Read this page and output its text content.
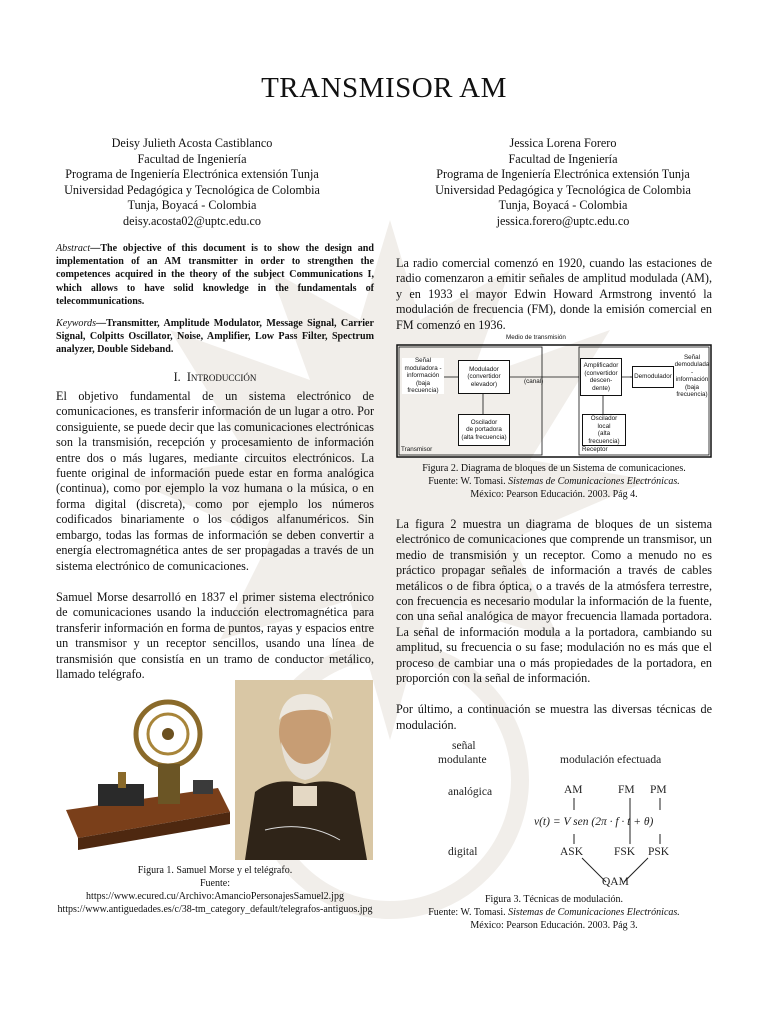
TRANSMISOR AM
Deisy Julieth Acosta Castiblanco
Facultad de Ingeniería
Programa de Ingeniería Electrónica extensión Tunja
Universidad Pedagógica y Tecnológica de Colombia
Tunja, Boyacá - Colombia
deisy.acosta02@uptc.edu.co
Jessica Lorena Forero
Facultad de Ingeniería
Programa de Ingeniería Electrónica extensión Tunja
Universidad Pedagógica y Tecnológica de Colombia
Tunja, Boyacá - Colombia
jessica.forero@uptc.edu.co

Abstract—The objective of this document is to show the design and implementation of an AM transmitter in order to strengthen the competences acquired in the theory of the subject Communications I, which allows to have solid knowledge in the fundamentals of telecommunications.

Keywords—Transmitter, Amplitude Modulator, Message Signal, Carrier Signal, Colpitts Oscillator, Noise, Amplifier, Low Pass Filter, Spectrum analyzer, Double Sideband.

I. Introducción

El objetivo fundamental de un sistema electrónico de comunicaciones, es transferir información de un lugar a otro. Por consiguiente, se puede decir que las comunicaciones electrónicas son la transmisión, recepción y procesamiento de información entre dos o más lugares, mediante circuitos electrónicos. La fuente original de información puede estar en forma analógica (continua), como por ejemplo la voz humana o la música, o en forma digital (discreta), como por ejemplo los números codificados binariamente o los códigos alfanuméricos. Sin embargo, todas las formas de información se deben convertir a energía electromagnética antes de ser propagadas a través de un sistema electrónico de comunicaciones.

Samuel Morse desarrolló en 1837 el primer sistema electrónico de comunicaciones usando la inducción electromagnética para transferir información en forma de puntos, rayas y espacios entre un transmisor y un receptor sencillos, usando una línea de transmisión que consistía en un tramo de conductor metálico, llamado telégrafo.

Figura 1. Samuel Morse y el telégrafo.
Fuente:
https://www.ecured.cu/Archivo:AmancioPersonajesSamuel2.jpg
https://www.antiguedades.es/c/38-tm_category_default/telegrafos-antiguos.jpg

La radio comercial comenzó en 1920, cuando las estaciones de radio comenzaron a emitir señales de amplitud modulada (AM), y en 1933 el mayor Edwin Howard Armstrong inventó la modulación de frecuencia (FM), donde la emisión comercial en FM comenzó en 1936.

Medio de transmisión
Señal
moduladora -
información
(baja frecuencia)
Modulador
(convertidor
elevador)	(canal)
Oscilador
de portadora
(alta frecuencia)
Transmisor
Amplificador
(convertidor
descen-
dente)
Demodulador
Señal
demodulada -
información
(baja frecuencia)
Oscilador
local
(alta frecuencia)
Receptor
Figura 2. Diagrama de bloques de un Sistema de comunicaciones.
Fuente: W. Tomasi. Sistemas de Comunicaciones Electrónicas.
México: Pearson Educación. 2003. Pág 4.

La figura 2 muestra un diagrama de bloques de un sistema electrónico de comunicaciones que comprende un transmisor, un medio de transmisión y un receptor. Como a menudo no es práctico propagar señales de información a través de cables metálicos o de fibra óptica, o a través de la atmósfera terrestre, con frecuencia es necesario modular la información de la fuente, con una señal analógica de mayor frecuencia llamada portadora. La señal de información modula a la portadora, cambiando su amplitud, su frecuencia o su fase; modulación no es más que el proceso de cambiar una o más propiedades de la portadora, en proporción con la señal de información.

Por último, a continuación se muestra las diversas técnicas de modulación.

señal
modulante	modulación efectuada
analógica	AM	FM PM
v(t) = V sen (2π · f · t + θ)
digital	ASK	FSK PSK
QAM
Figura 3. Técnicas de modulación.
Fuente: W. Tomasi. Sistemas de Comunicaciones Electrónicas.
México: Pearson Educación. 2003. Pág 3.
